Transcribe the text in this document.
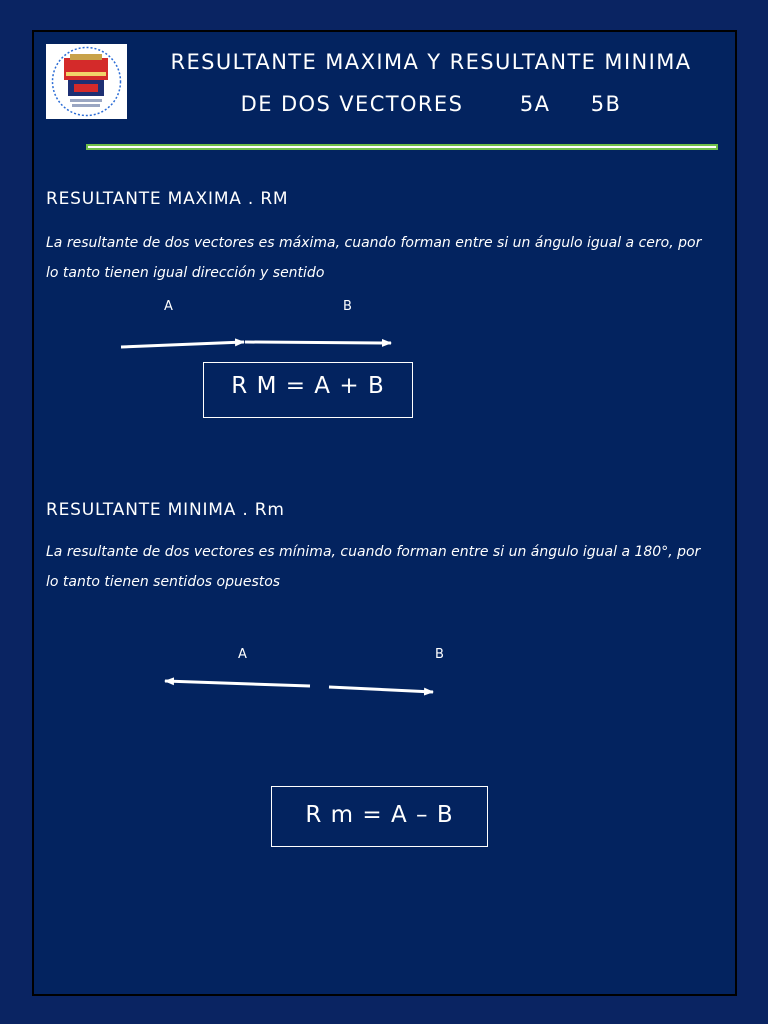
RESULTANTE MAXIMA Y RESULTANTE MINIMA
DE DOS VECTORES       5A     5B
RESULTANTE MAXIMA . RM
La resultante de dos vectores es máxima, cuando forman entre si un ángulo igual a cero, por lo tanto tienen igual dirección y sentido
A	B
R M = A + B
RESULTANTE MINIMA . Rm
La resultante de dos vectores es mínima, cuando forman entre si un ángulo igual a 180°, por lo tanto tienen sentidos opuestos
A	B
R m = A – B
